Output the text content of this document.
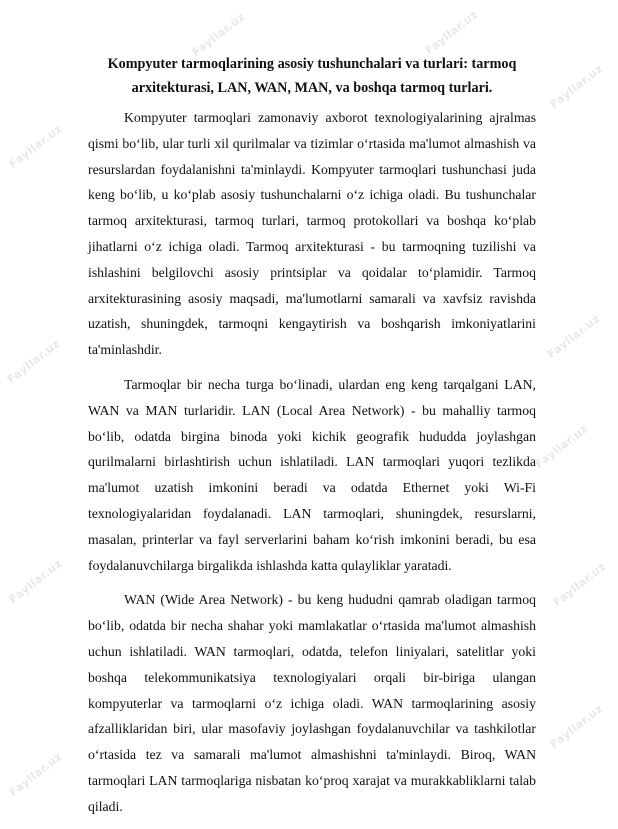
Fayllar.uz	Fayllar.uz
Fayllar.uz
Fayllar.uz
Fayllar.uz
Fayllar.uz
Fayllar.uz
Fayllar.uz
Fayllar.uz
Fayllar.uz
Fayllar.uz
Kompyuter tarmoqlarining asosiy tushunchalari va turlari: tarmoq arxitekturasi, LAN, WAN, MAN, va boshqa tarmoq turlari.

Kompyuter tarmoqlari zamonaviy axborot texnologiyalarining ajralmas qismi boʻlib, ular turli xil qurilmalar va tizimlar oʻrtasida ma'lumot almashish va resurslardan foydalanishni ta'minlaydi. Kompyuter tarmoqlari tushunchasi juda keng boʻlib, u koʻplab asosiy tushunchalarni oʻz ichiga oladi. Bu tushunchalar tarmoq arxitekturasi, tarmoq turlari, tarmoq protokollari va boshqa koʻplab jihatlarni oʻz ichiga oladi. Tarmoq arxitekturasi - bu tarmoqning tuzilishi va ishlashini belgilovchi asosiy printsiplar va qoidalar toʻplamidir. Tarmoq arxitekturasining asosiy maqsadi, ma'lumotlarni samarali va xavfsiz ravishda uzatish, shuningdek, tarmoqni kengaytirish va boshqarish imkoniyatlarini ta'minlashdir.

Tarmoqlar bir necha turga boʻlinadi, ulardan eng keng tarqalgani LAN, WAN va MAN turlaridir. LAN (Local Area Network) - bu mahalliy tarmoq boʻlib, odatda birgina binoda yoki kichik geografik hududda joylashgan qurilmalarni birlashtirish uchun ishlatiladi. LAN tarmoqlari yuqori tezlikda ma'lumot uzatish imkonini beradi va odatda Ethernet yoki Wi-Fi texnologiyalaridan foydalanadi. LAN tarmoqlari, shuningdek, resurslarni, masalan, printerlar va fayl serverlarini baham koʻrish imkonini beradi, bu esa foydalanuvchilarga birgalikda ishlashda katta qulayliklar yaratadi.

WAN (Wide Area Network) - bu keng hududni qamrab oladigan tarmoq boʻlib, odatda bir necha shahar yoki mamlakatlar oʻrtasida ma'lumot almashish uchun ishlatiladi. WAN tarmoqlari, odatda, telefon liniyalari, satelitlar yoki boshqa telekommunikatsiya texnologiyalari orqali bir-biriga ulangan kompyuterlar va tarmoqlarni oʻz ichiga oladi. WAN tarmoqlarining asosiy afzalliklaridan biri, ular masofaviy joylashgan foydalanuvchilar va tashkilotlar oʻrtasida tez va samarali ma'lumot almashishni ta'minlaydi. Biroq, WAN tarmoqlari LAN tarmoqlariga nisbatan koʻproq xarajat va murakkabliklarni talab qiladi.
